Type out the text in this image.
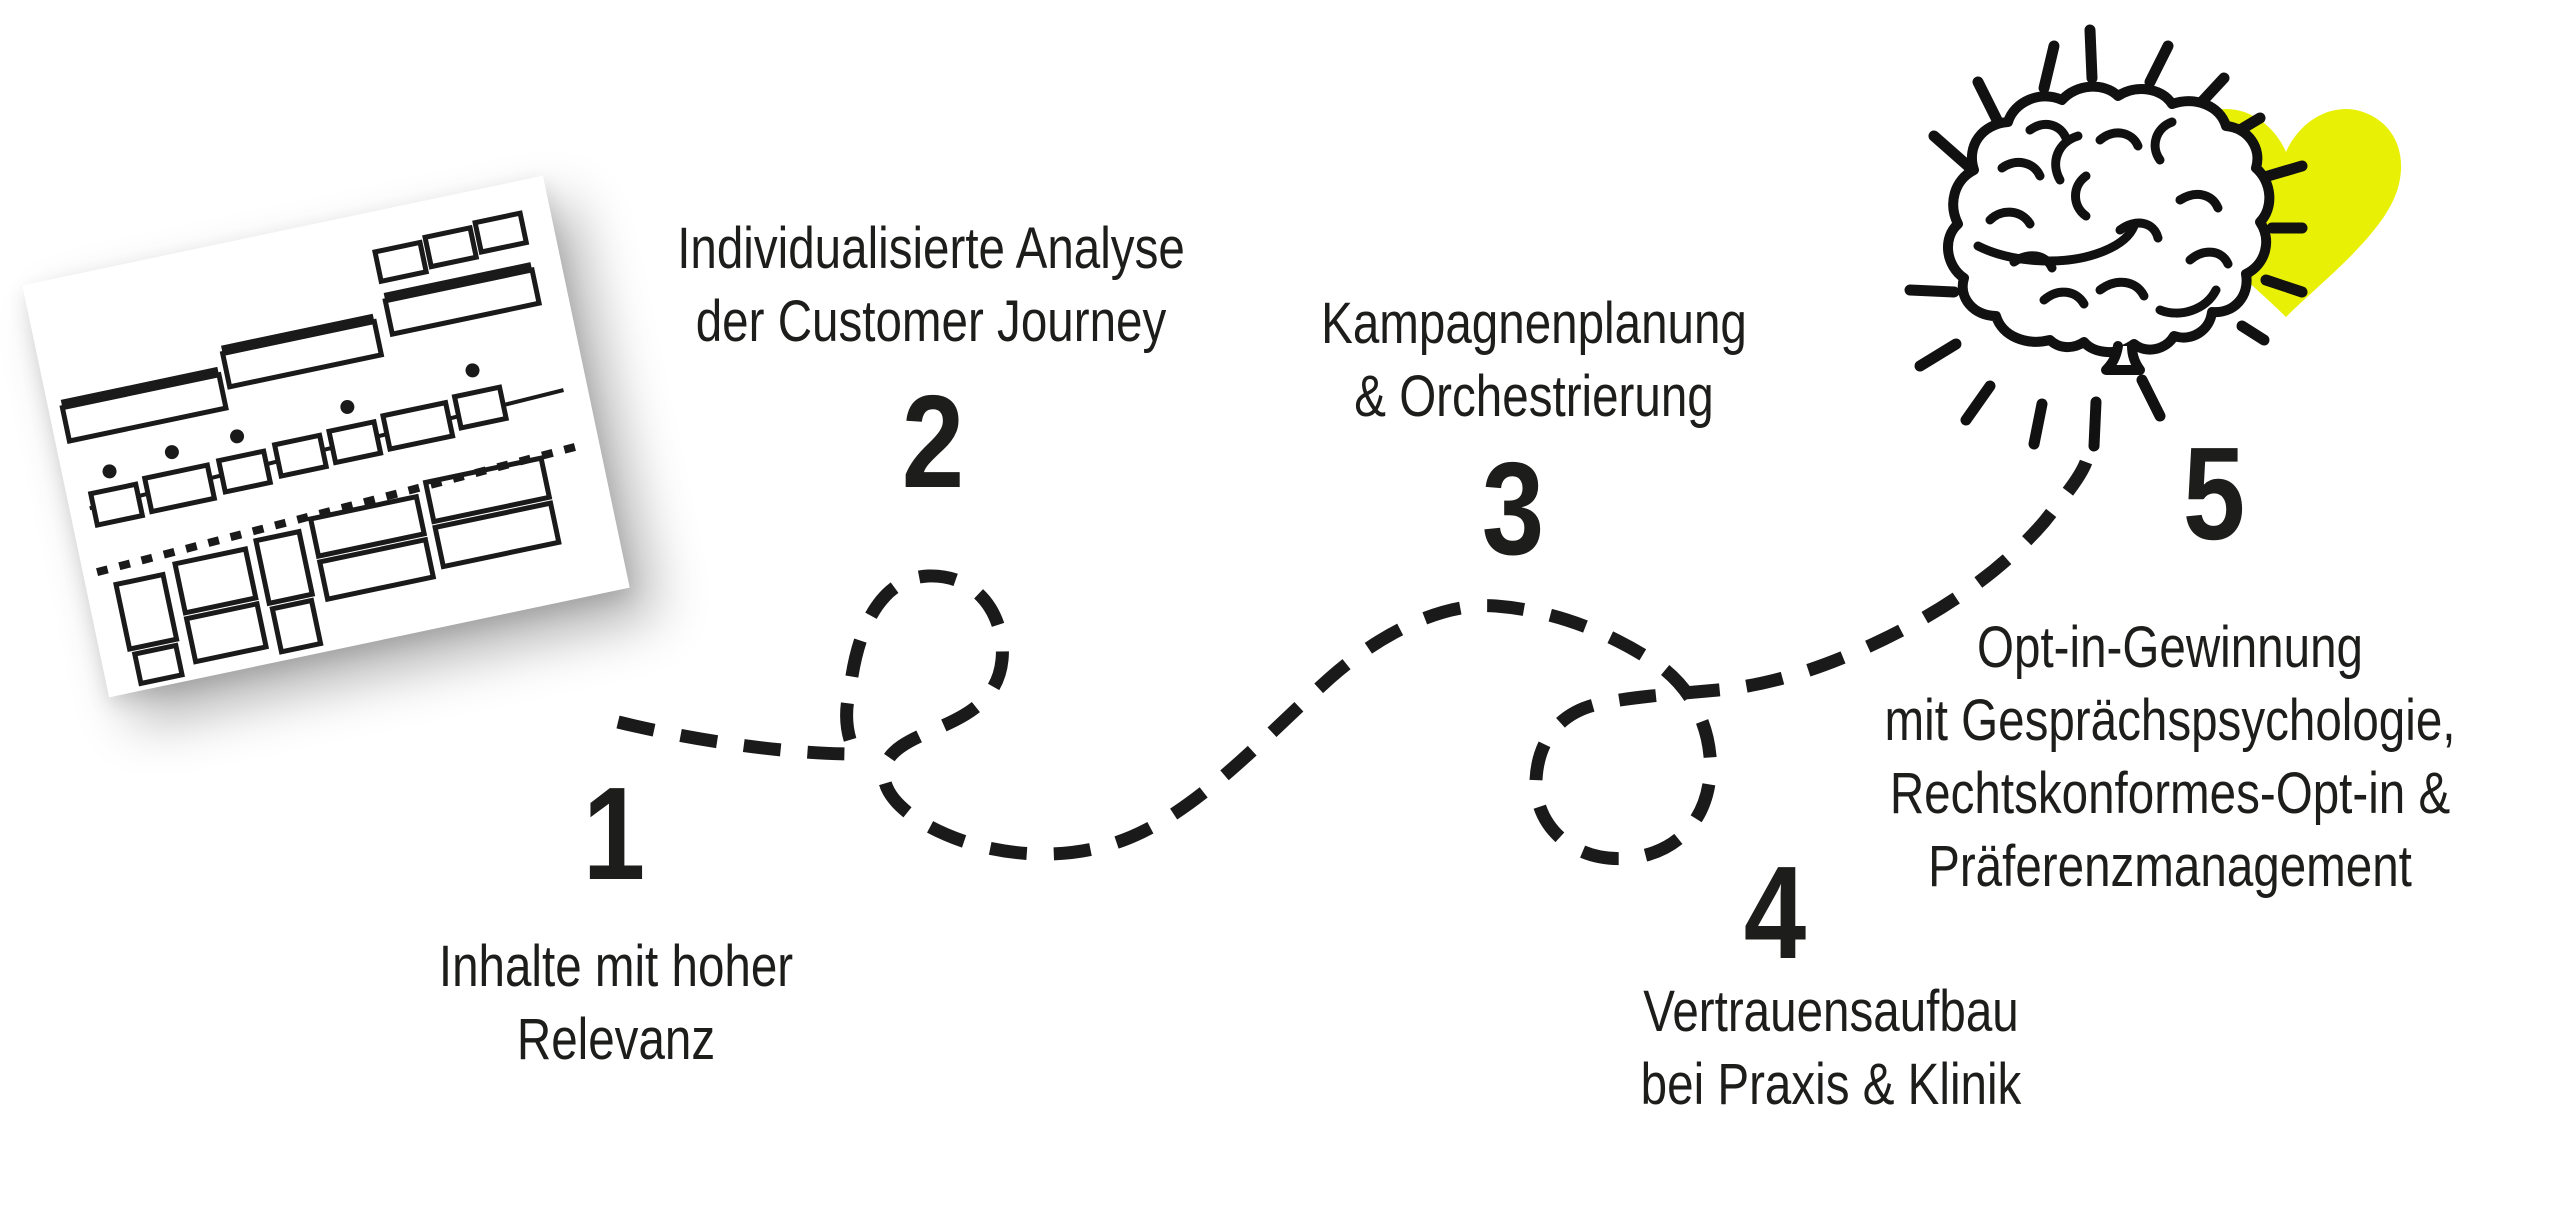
1
Inhalte mit hoher
Relevanz
Individualisierte Analyse
der Customer Journey
2
Kampagnenplanung
& Orchestrierung
3
4
Vertrauensaufbau
bei Praxis & Klinik
5
Opt-in-Gewinnung
mit Gesprächspsychologie,
Rechtskonformes-Opt-in &
Präferenzmanagement
